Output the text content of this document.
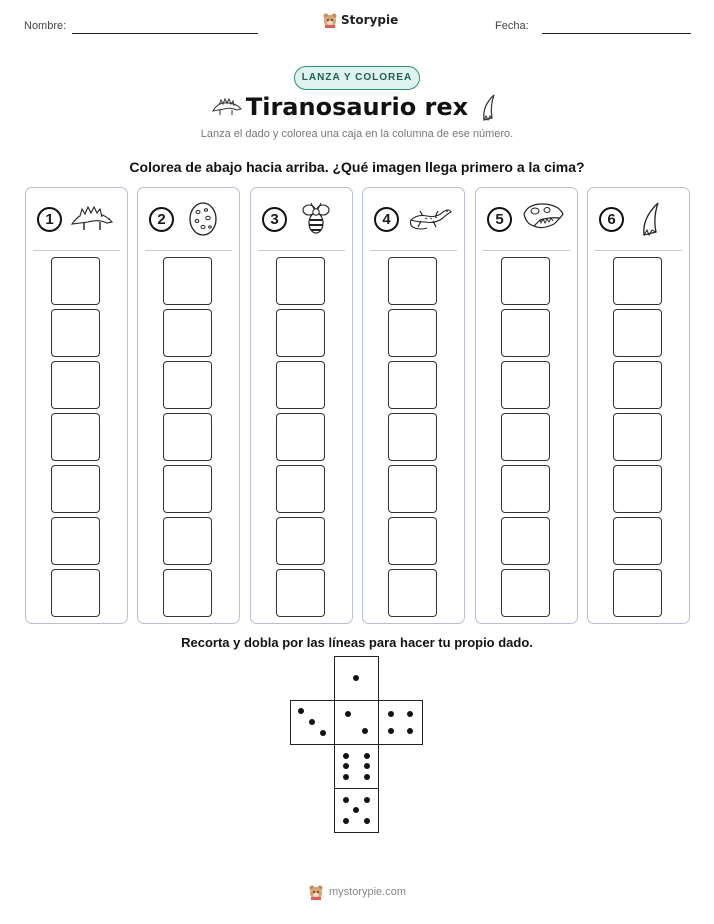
Nombre:	Storypie	Fecha:
LANZA Y COLOREA
Tiranosaurio rex
Lanza el dado y colorea una caja en la columna de ese número.
Colorea de abajo hacia arriba. ¿Qué imagen llega primero a la cima?
1	2	3	4	5	6
Recorta y dobla por las líneas para hacer tu propio dado.
mystorypie.com
